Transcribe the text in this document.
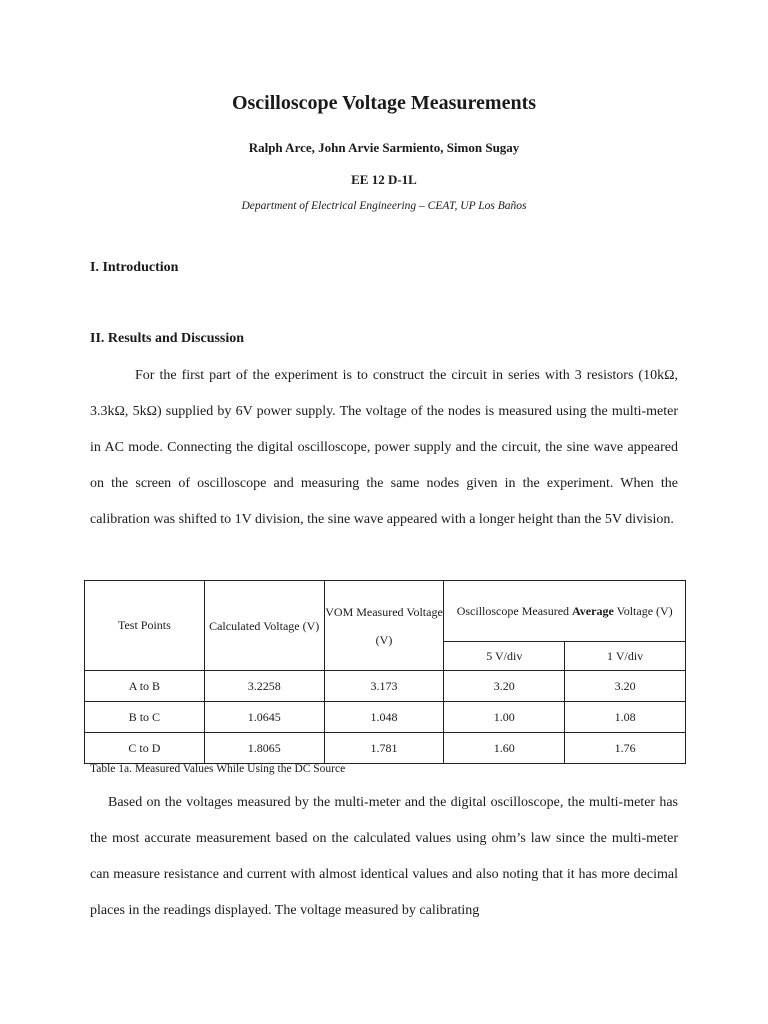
Oscilloscope Voltage Measurements
Ralph Arce, John Arvie Sarmiento, Simon Sugay
EE 12 D-1L
Department of Electrical Engineering – CEAT, UP Los Baños
I. Introduction
II. Results and Discussion

For the first part of the experiment is to construct the circuit in series with 3 resistors (10kΩ, 3.3kΩ, 5kΩ) supplied by 6V power supply. The voltage of the nodes is measured using the multi-meter in AC mode. Connecting the digital oscilloscope, power supply and the circuit, the sine wave appeared on the screen of oscilloscope and measuring the same nodes given in the experiment. When the calibration was shifted to 1V division, the sine wave appeared with a longer height than the 5V division.

Test Points	Calculated Voltage (V)	VOM Measured Voltage (V)	Oscilloscope Measured Average Voltage (V)	
			5 V/div	1 V/div
A to B	3.2258	3.173	3.20	3.20
B to C	1.0645	1.048	1.00	1.08
C to D	1.8065	1.781	1.60	1.76
Table 1a. Measured Values While Using the DC Source

Based on the voltages measured by the multi-meter and the digital oscilloscope, the multi-meter has the most accurate measurement based on the calculated values using ohm’s law since the multi-meter can measure resistance and current with almost identical values and also noting that it has more decimal places in the readings displayed. The voltage measured by calibrating
